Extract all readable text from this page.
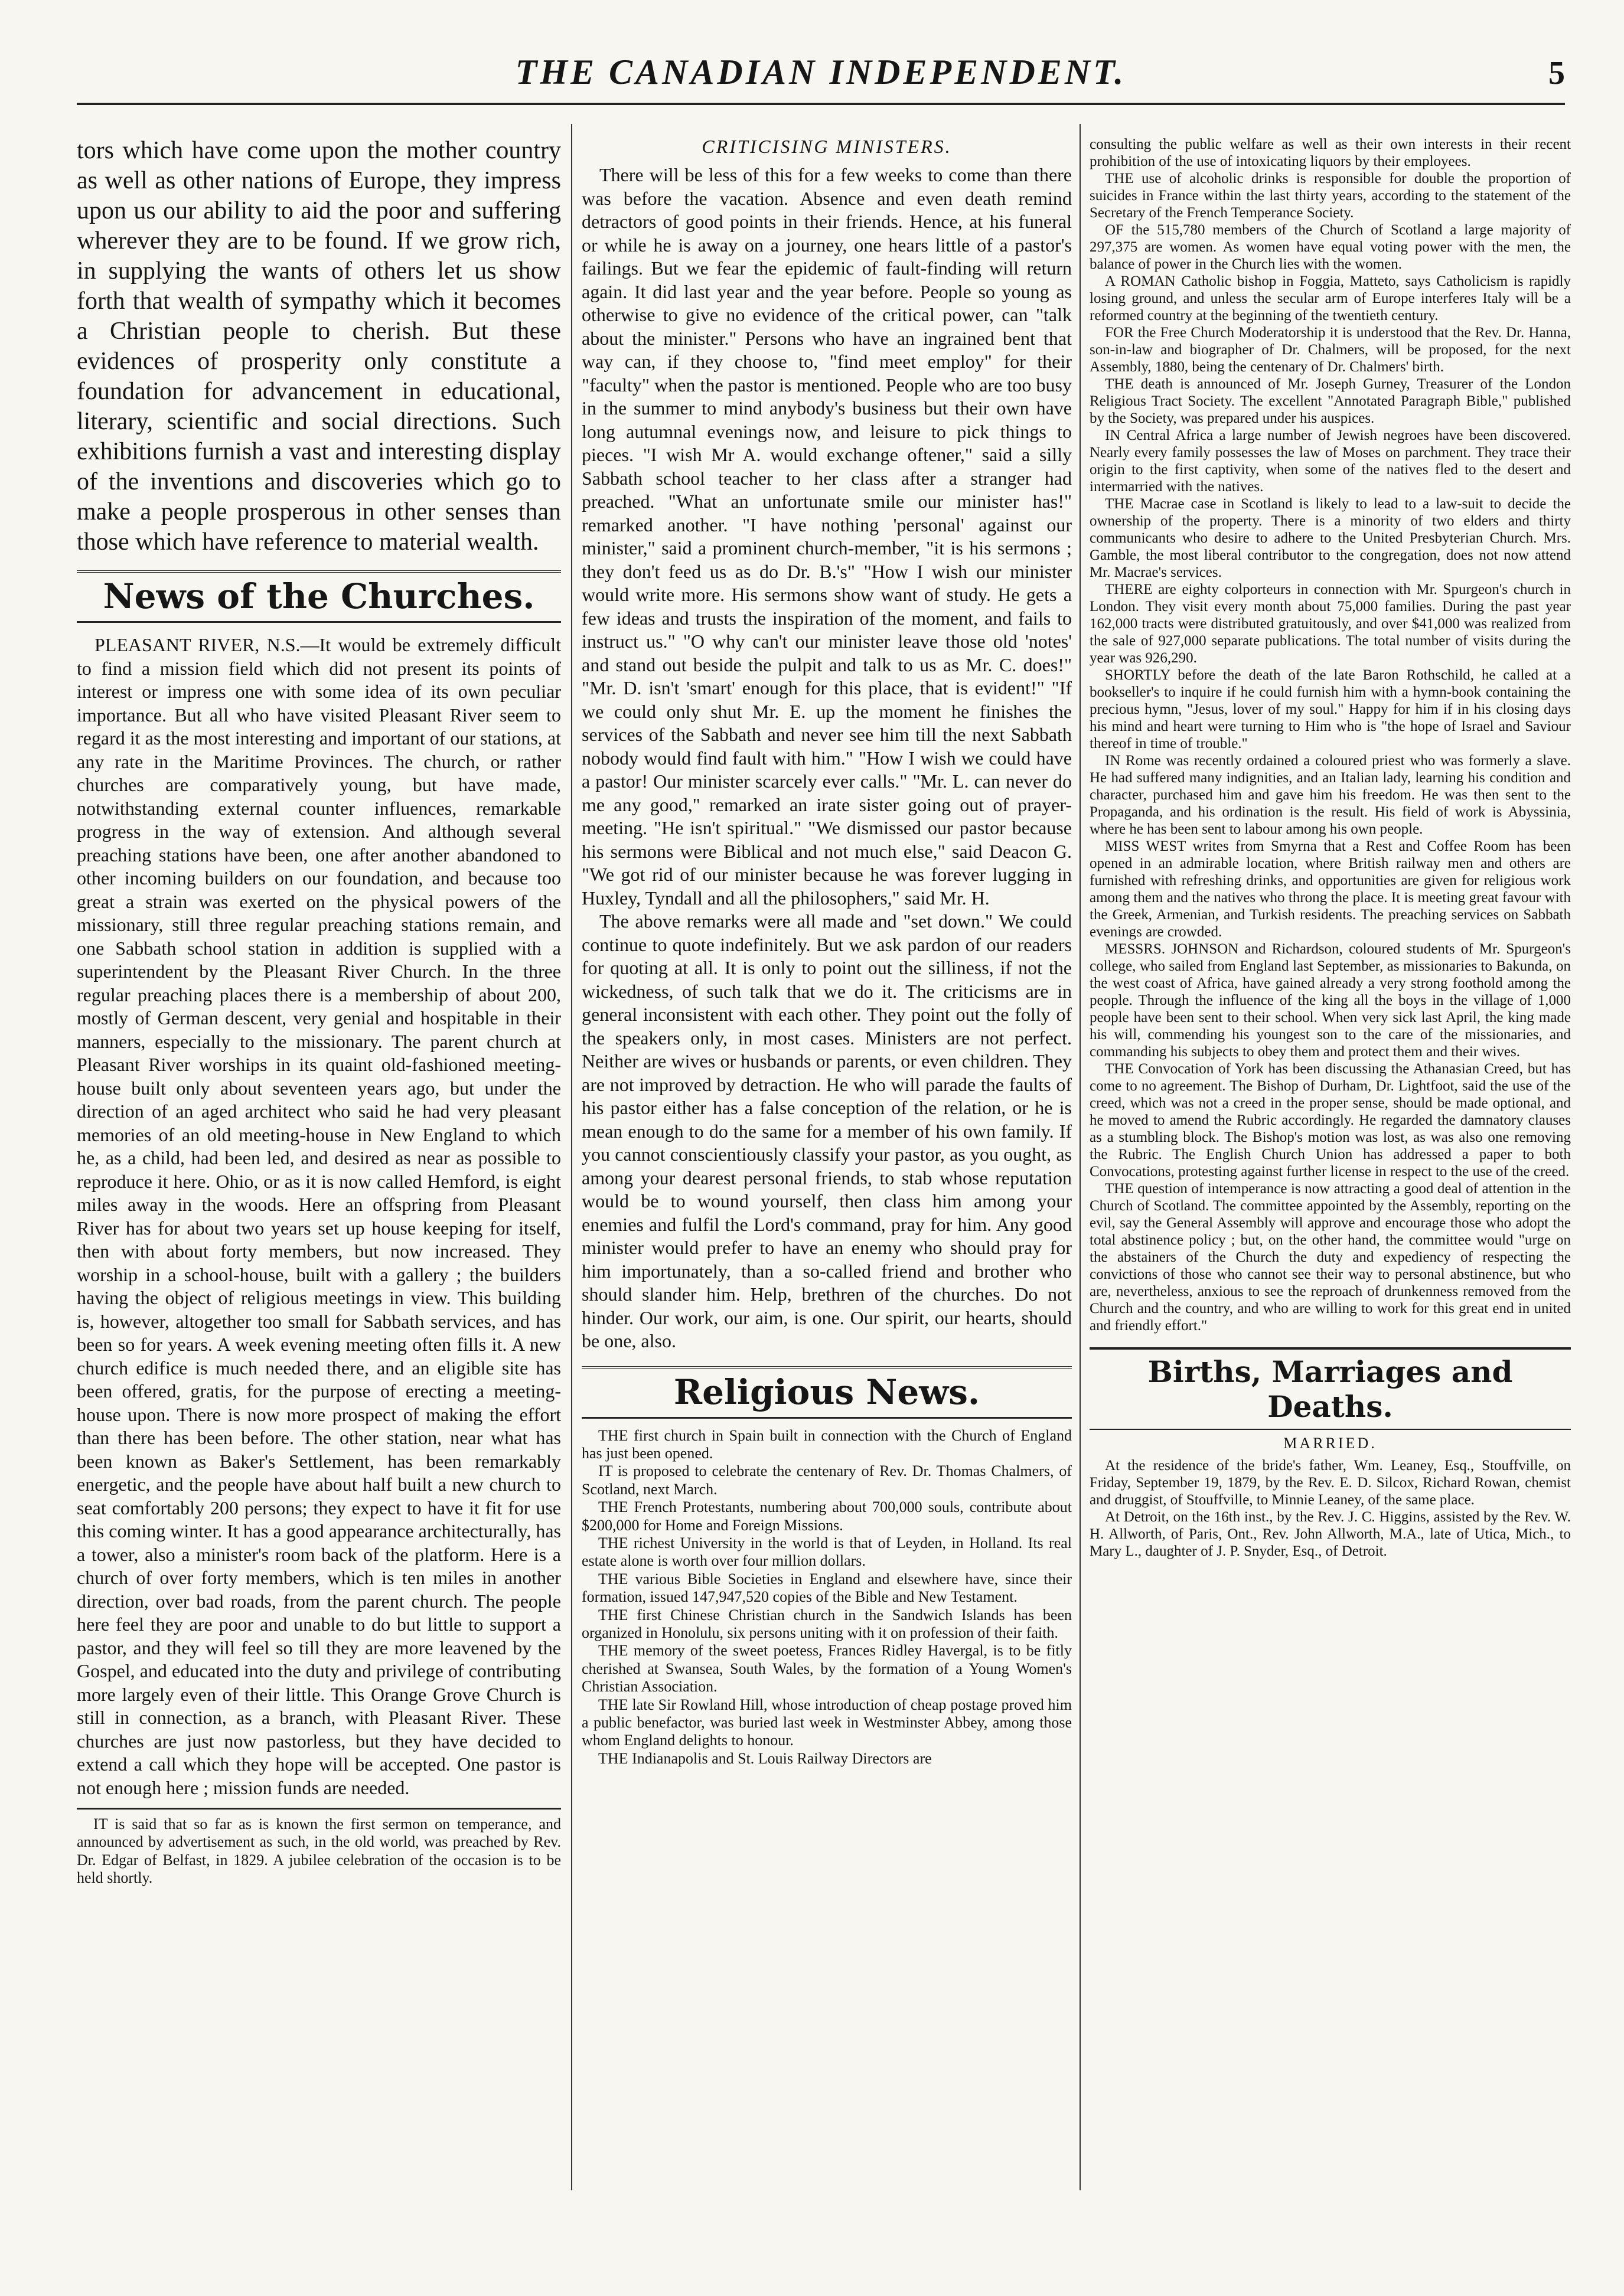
THE CANADIAN INDEPENDENT.	5

tors which have come upon the mother country as well as other nations of Europe, they impress upon us our ability to aid the poor and suffering wherever they are to be found. If we grow rich, in supplying the wants of others let us show forth that wealth of sympathy which it becomes a Christian people to cherish. But these evidences of prosperity only constitute a foundation for advancement in educational, literary, scientific and social directions. Such exhibitions furnish a vast and interesting display of the inventions and discoveries which go to make a people prosperous in other senses than those which have reference to material wealth.

News of the Churches.

PLEASANT RIVER, N.S.—It would be extremely difficult to find a mission field which did not present its points of interest or impress one with some idea of its own peculiar importance. But all who have visited Pleasant River seem to regard it as the most interesting and important of our stations, at any rate in the Maritime Provinces. The church, or rather churches are comparatively young, but have made, notwithstanding external counter influences, remarkable progress in the way of extension. And although several preaching stations have been, one after another abandoned to other incoming builders on our foundation, and because too great a strain was exerted on the physical powers of the missionary, still three regular preaching stations remain, and one Sabbath school station in addition is supplied with a superintendent by the Pleasant River Church. In the three regular preaching places there is a membership of about 200, mostly of German descent, very genial and hospitable in their manners, especially to the missionary. The parent church at Pleasant River worships in its quaint old-fashioned meeting-house built only about seventeen years ago, but under the direction of an aged architect who said he had very pleasant memories of an old meeting-house in New England to which he, as a child, had been led, and desired as near as possible to reproduce it here. Ohio, or as it is now called Hemford, is eight miles away in the woods. Here an offspring from Pleasant River has for about two years set up house keeping for itself, then with about forty members, but now increased. They worship in a school-house, built with a gallery ; the builders having the object of religious meetings in view. This building is, however, altogether too small for Sabbath services, and has been so for years. A week evening meeting often fills it. A new church edifice is much needed there, and an eligible site has been offered, gratis, for the purpose of erecting a meeting-house upon. There is now more prospect of making the effort than there has been before. The other station, near what has been known as Baker's Settlement, has been remarkably energetic, and the people have about half built a new church to seat comfortably 200 persons; they expect to have it fit for use this coming winter. It has a good appearance architecturally, has a tower, also a minister's room back of the platform. Here is a church of over forty members, which is ten miles in another direction, over bad roads, from the parent church. The people here feel they are poor and unable to do but little to support a pastor, and they will feel so till they are more leavened by the Gospel, and educated into the duty and privilege of contributing more largely even of their little. This Orange Grove Church is still in connection, as a branch, with Pleasant River. These churches are just now pastorless, but they have decided to extend a call which they hope will be accepted. One pastor is not enough here ; mission funds are needed.

IT is said that so far as is known the first sermon on temperance, and announced by advertisement as such, in the old world, was preached by Rev. Dr. Edgar of Belfast, in 1829. A jubilee celebration of the occasion is to be held shortly.

CRITICISING MINISTERS.

There will be less of this for a few weeks to come than there was before the vacation. Absence and even death remind detractors of good points in their friends. Hence, at his funeral or while he is away on a journey, one hears little of a pastor's failings. But we fear the epidemic of fault-finding will return again. It did last year and the year before. People so young as otherwise to give no evidence of the critical power, can "talk about the minister." Persons who have an ingrained bent that way can, if they choose to, "find meet employ" for their "faculty" when the pastor is mentioned. People who are too busy in the summer to mind anybody's business but their own have long autumnal evenings now, and leisure to pick things to pieces. "I wish Mr A. would exchange oftener," said a silly Sabbath school teacher to her class after a stranger had preached. "What an unfortunate smile our minister has!" remarked another. "I have nothing 'personal' against our minister," said a prominent church-member, "it is his sermons ; they don't feed us as do Dr. B.'s" "How I wish our minister would write more. His sermons show want of study. He gets a few ideas and trusts the inspiration of the moment, and fails to instruct us." "O why can't our minister leave those old 'notes' and stand out beside the pulpit and talk to us as Mr. C. does!" "Mr. D. isn't 'smart' enough for this place, that is evident!" "If we could only shut Mr. E. up the moment he finishes the services of the Sabbath and never see him till the next Sabbath nobody would find fault with him." "How I wish we could have a pastor! Our minister scarcely ever calls." "Mr. L. can never do me any good," remarked an irate sister going out of prayer-meeting. "He isn't spiritual." "We dismissed our pastor because his sermons were Biblical and not much else," said Deacon G. "We got rid of our minister because he was forever lugging in Huxley, Tyndall and all the philosophers," said Mr. H.

The above remarks were all made and "set down." We could continue to quote indefinitely. But we ask pardon of our readers for quoting at all. It is only to point out the silliness, if not the wickedness, of such talk that we do it. The criticisms are in general inconsistent with each other. They point out the folly of the speakers only, in most cases. Ministers are not perfect. Neither are wives or husbands or parents, or even children. They are not improved by detraction. He who will parade the faults of his pastor either has a false conception of the relation, or he is mean enough to do the same for a member of his own family. If you cannot conscientiously classify your pastor, as you ought, as among your dearest personal friends, to stab whose reputation would be to wound yourself, then class him among your enemies and fulfil the Lord's command, pray for him. Any good minister would prefer to have an enemy who should pray for him importunately, than a so-called friend and brother who should slander him. Help, brethren of the churches. Do not hinder. Our work, our aim, is one. Our spirit, our hearts, should be one, also.

Religious News.

THE first church in Spain built in connection with the Church of England has just been opened.

IT is proposed to celebrate the centenary of Rev. Dr. Thomas Chalmers, of Scotland, next March.

THE French Protestants, numbering about 700,000 souls, contribute about $200,000 for Home and Foreign Missions.

THE richest University in the world is that of Leyden, in Holland. Its real estate alone is worth over four million dollars.

THE various Bible Societies in England and elsewhere have, since their formation, issued 147,947,520 copies of the Bible and New Testament.

THE first Chinese Christian church in the Sandwich Islands has been organized in Honolulu, six persons uniting with it on profession of their faith.

THE memory of the sweet poetess, Frances Ridley Havergal, is to be fitly cherished at Swansea, South Wales, by the formation of a Young Women's Christian Association.

THE late Sir Rowland Hill, whose introduction of cheap postage proved him a public benefactor, was buried last week in Westminster Abbey, among those whom England delights to honour.

THE Indianapolis and St. Louis Railway Directors are

consulting the public welfare as well as their own interests in their recent prohibition of the use of intoxicating liquors by their employees.

THE use of alcoholic drinks is responsible for double the proportion of suicides in France within the last thirty years, according to the statement of the Secretary of the French Temperance Society.

OF the 515,780 members of the Church of Scotland a large majority of 297,375 are women. As women have equal voting power with the men, the balance of power in the Church lies with the women.

A ROMAN Catholic bishop in Foggia, Matteto, says Catholicism is rapidly losing ground, and unless the secular arm of Europe interferes Italy will be a reformed country at the beginning of the twentieth century.

FOR the Free Church Moderatorship it is understood that the Rev. Dr. Hanna, son-in-law and biographer of Dr. Chalmers, will be proposed, for the next Assembly, 1880, being the centenary of Dr. Chalmers' birth.

THE death is announced of Mr. Joseph Gurney, Treasurer of the London Religious Tract Society. The excellent "Annotated Paragraph Bible," published by the Society, was prepared under his auspices.

IN Central Africa a large number of Jewish negroes have been discovered. Nearly every family possesses the law of Moses on parchment. They trace their origin to the first captivity, when some of the natives fled to the desert and intermarried with the natives.

THE Macrae case in Scotland is likely to lead to a law-suit to decide the ownership of the property. There is a minority of two elders and thirty communicants who desire to adhere to the United Presbyterian Church. Mrs. Gamble, the most liberal contributor to the congregation, does not now attend Mr. Macrae's services.

THERE are eighty colporteurs in connection with Mr. Spurgeon's church in London. They visit every month about 75,000 families. During the past year 162,000 tracts were distributed gratuitously, and over $41,000 was realized from the sale of 927,000 separate publications. The total number of visits during the year was 926,290.

SHORTLY before the death of the late Baron Rothschild, he called at a bookseller's to inquire if he could furnish him with a hymn-book containing the precious hymn, "Jesus, lover of my soul." Happy for him if in his closing days his mind and heart were turning to Him who is "the hope of Israel and Saviour thereof in time of trouble."

IN Rome was recently ordained a coloured priest who was formerly a slave. He had suffered many indignities, and an Italian lady, learning his condition and character, purchased him and gave him his freedom. He was then sent to the Propaganda, and his ordination is the result. His field of work is Abyssinia, where he has been sent to labour among his own people.

MISS WEST writes from Smyrna that a Rest and Coffee Room has been opened in an admirable location, where British railway men and others are furnished with refreshing drinks, and opportunities are given for religious work among them and the natives who throng the place. It is meeting great favour with the Greek, Armenian, and Turkish residents. The preaching services on Sabbath evenings are crowded.

MESSRS. JOHNSON and Richardson, coloured students of Mr. Spurgeon's college, who sailed from England last September, as missionaries to Bakunda, on the west coast of Africa, have gained already a very strong foothold among the people. Through the influence of the king all the boys in the village of 1,000 people have been sent to their school. When very sick last April, the king made his will, commending his youngest son to the care of the missionaries, and commanding his subjects to obey them and protect them and their wives.

THE Convocation of York has been discussing the Athanasian Creed, but has come to no agreement. The Bishop of Durham, Dr. Lightfoot, said the use of the creed, which was not a creed in the proper sense, should be made optional, and he moved to amend the Rubric accordingly. He regarded the damnatory clauses as a stumbling block. The Bishop's motion was lost, as was also one removing the Rubric. The English Church Union has addressed a paper to both Convocations, protesting against further license in respect to the use of the creed.

THE question of intemperance is now attracting a good deal of attention in the Church of Scotland. The committee appointed by the Assembly, reporting on the evil, say the General Assembly will approve and encourage those who adopt the total abstinence policy ; but, on the other hand, the committee would "urge on the abstainers of the Church the duty and expediency of respecting the convictions of those who cannot see their way to personal abstinence, but who are, nevertheless, anxious to see the reproach of drunkenness removed from the Church and the country, and who are willing to work for this great end in united and friendly effort."

Births, Marriages and Deaths.
MARRIED.

At the residence of the bride's father, Wm. Leaney, Esq., Stouffville, on Friday, September 19, 1879, by the Rev. E. D. Silcox, Richard Rowan, chemist and druggist, of Stouffville, to Minnie Leaney, of the same place.

At Detroit, on the 16th inst., by the Rev. J. C. Higgins, assisted by the Rev. W. H. Allworth, of Paris, Ont., Rev. John Allworth, M.A., late of Utica, Mich., to Mary L., daughter of J. P. Snyder, Esq., of Detroit.
